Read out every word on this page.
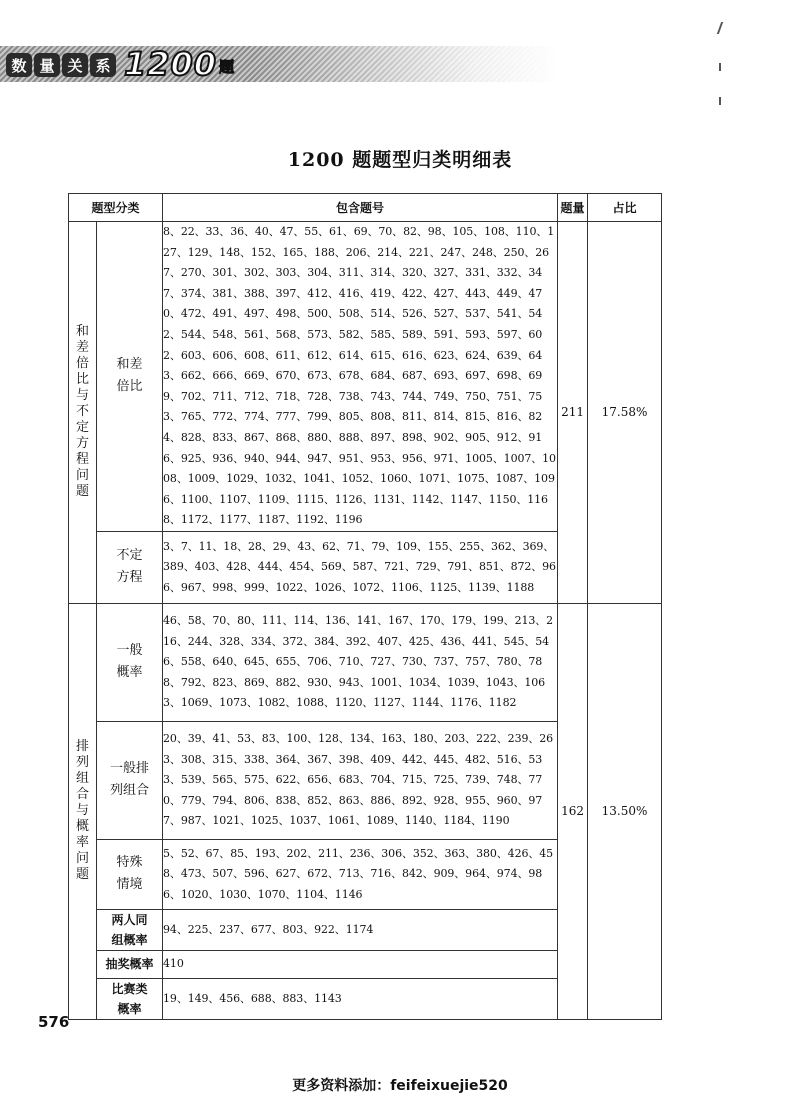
数 量 关 系 1200 题
1200 题题型归类明细表
题型分类		包含题号	题量	占比
和差倍比与不定方程问题	和差倍比	8、22、33、36、40、47、55、61、69、70、82、98、105、108、110、127、129、148、152、165、188、206、214、221、247、248、250、267、270、301、302、303、304、311、314、320、327、331、332、347、374、381、388、397、412、416、419、422、427、443、449、470、472、491、497、498、500、508、514、526、527、537、541、542、544、548、561、568、573、582、585、589、591、593、597、602、603、606、608、611、612、614、615、616、623、624、639、643、662、666、669、670、673、678、684、687、693、697、698、699、702、711、712、718、728、738、743、744、749、750、751、753、765、772、774、777、799、805、808、811、814、815、816、824、828、833、867、868、880、888、897、898、902、905、912、916、925、936、940、944、947、951、953、956、971、1005、1007、1008、1009、1029、1032、1041、1052、1060、1071、1075、1087、1096、1100、1107、1109、1115、1126、1131、1142、1147、1150、1168、1172、1177、1187、1192、1196	211	17.58%
	不定方程	3、7、11、18、28、29、43、62、71、79、109、155、255、362、369、389、403、428、444、454、569、587、721、729、791、851、872、966、967、998、999、1022、1026、1072、1106、1125、1139、1188		
排列组合与概率问题	一般概率	46、58、70、80、111、114、136、141、167、170、179、199、213、216、244、328、334、372、384、392、407、425、436、441、545、546、558、640、645、655、706、710、727、730、737、757、780、788、792、823、869、882、930、943、1001、1034、1039、1043、1063、1069、1073、1082、1088、1120、1127、1144、1176、1182	162	13.50%
	一般排列组合	20、39、41、53、83、100、128、134、163、180、203、222、239、263、308、315、338、364、367、398、409、442、445、482、516、533、539、565、575、622、656、683、704、715、725、739、748、770、779、794、806、838、852、863、886、892、928、955、960、977、987、1021、1025、1037、1061、1089、1140、1184、1190		
	特殊情境	5、52、67、85、193、202、211、236、306、352、363、380、426、458、473、507、596、627、672、713、716、842、909、964、974、986、1020、1030、1070、1104、1146		
	两人同组概率	94、225、237、677、803、922、1174		
	抽奖概率	410		
	比赛类概率	19、149、456、688、883、1143		
576
更多资料添加：feifeixuejie520
